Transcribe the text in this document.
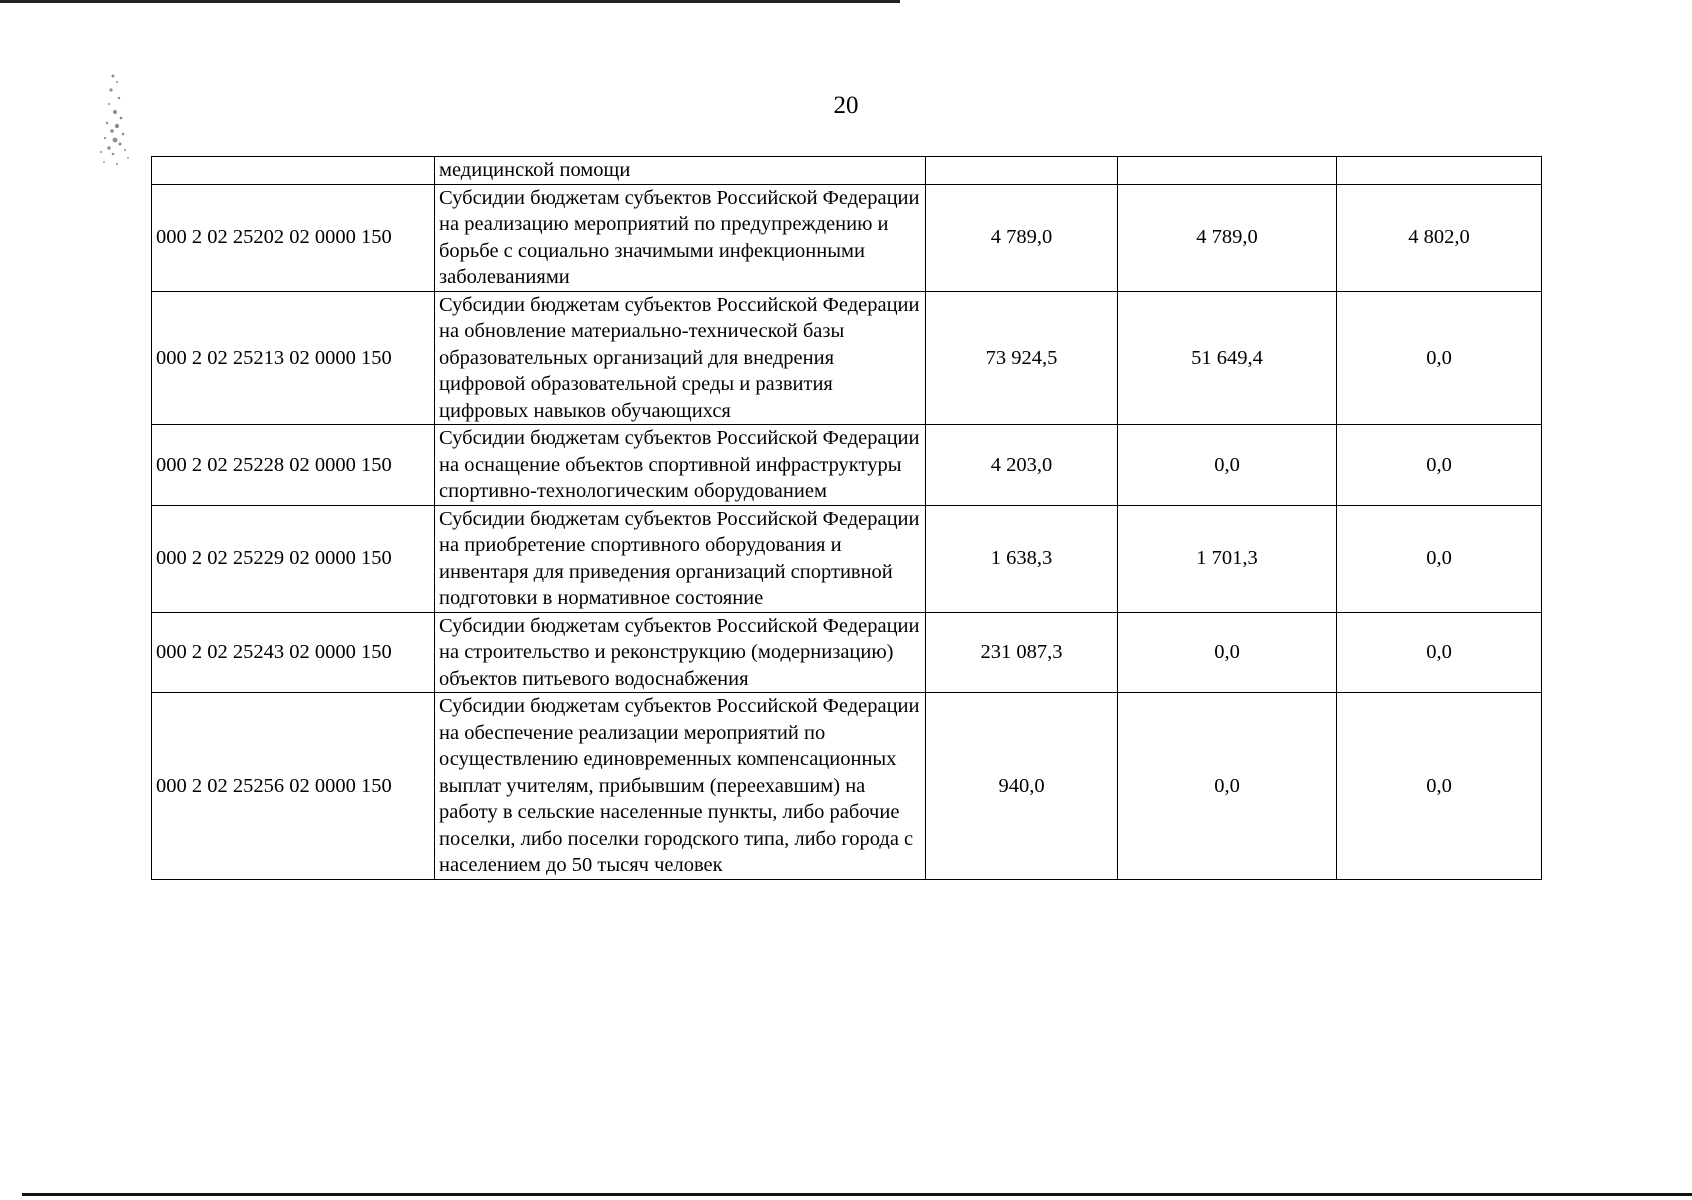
20
	медицинской помощи			
000 2 02 25202 02 0000 150	Субсидии бюджетам субъектов Российской Федерации на реализацию мероприятий по предупреждению и борьбе с социально значимыми инфекционными заболеваниями	4 789,0	4 789,0	4 802,0
000 2 02 25213 02 0000 150	Субсидии бюджетам субъектов Российской Федерации на обновление материально-технической базы образовательных организаций для внедрения цифровой образовательной среды и развития цифровых навыков обучающихся	73 924,5	51 649,4	0,0
000 2 02 25228 02 0000 150	Субсидии бюджетам субъектов Российской Федерации на оснащение объектов спортивной инфраструктуры спортивно-технологическим оборудованием	4 203,0	0,0	0,0
000 2 02 25229 02 0000 150	Субсидии бюджетам субъектов Российской Федерации на приобретение спортивного оборудования и инвентаря для приведения организаций спортивной подготовки в нормативное состояние	1 638,3	1 701,3	0,0
000 2 02 25243 02 0000 150	Субсидии бюджетам субъектов Российской Федерации на строительство и реконструкцию (модернизацию) объектов питьевого водоснабжения	231 087,3	0,0	0,0
000 2 02 25256 02 0000 150	Субсидии бюджетам субъектов Российской Федерации на обеспечение реализации мероприятий по осуществлению единовременных компенсационных выплат учителям, прибывшим (переехавшим) на работу в сельские населенные пункты, либо рабочие поселки, либо поселки городского типа, либо города с населением до 50 тысяч человек	940,0	0,0	0,0
